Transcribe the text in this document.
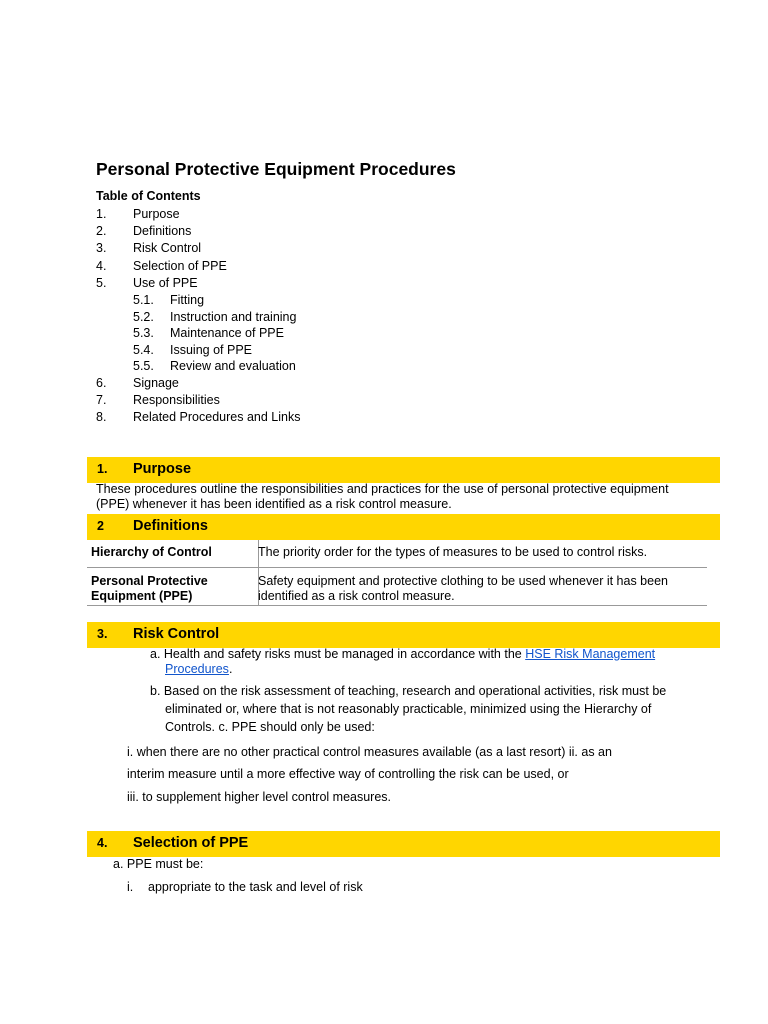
Personal Protective Equipment Procedures
Table of Contents
1. Purpose
2. Definitions
3. Risk Control
4. Selection of PPE
5. Use of PPE
5.1. Fitting
5.2. Instruction and training
5.3. Maintenance of PPE
5.4. Issuing of PPE
5.5. Review and evaluation
6. Signage
7. Responsibilities
8. Related Procedures and Links
1. Purpose
These procedures outline the responsibilities and practices for the use of personal protective equipment
(PPE) whenever it has been identified as a risk control measure.
2 Definitions
Hierarchy of Control	The priority order for the types of measures to be used to control risks.
Personal Protective
Equipment (PPE)
Safety equipment and protective clothing to be used whenever it has been
identified as a risk control measure.
3. Risk Control
a. Health and safety risks must be managed in accordance with the HSE Risk Management
Procedures.
b. Based on the risk assessment of teaching, research and operational activities, risk must be
eliminated or, where that is not reasonably practicable, minimized using the Hierarchy of
Controls. c. PPE should only be used:
i. when there are no other practical control measures available (as a last resort) ii. as an
interim measure until a more effective way of controlling the risk can be used, or
iii. to supplement higher level control measures.
4. Selection of PPE
a. PPE must be:
i. appropriate to the task and level of risk
